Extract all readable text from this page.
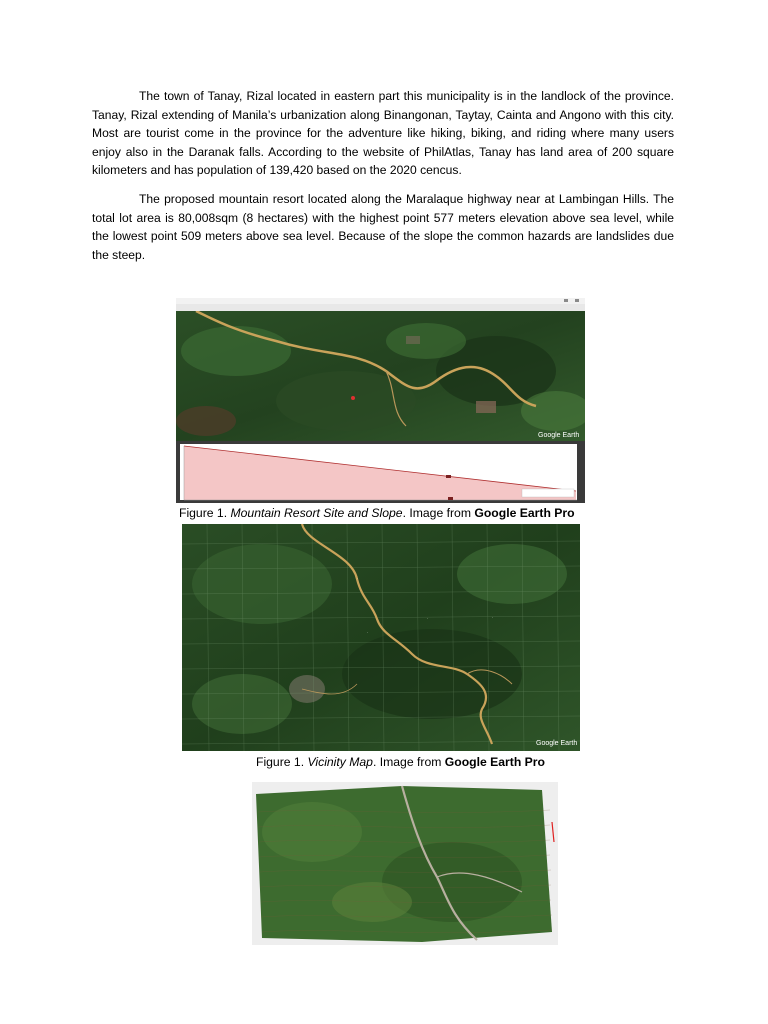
The town of Tanay, Rizal located in eastern part this municipality is in the landlock of the province. Tanay, Rizal extending of Manila’s urbanization along Binangonan, Taytay, Cainta and Angono with this city. Most are tourist come in the province for the adventure like hiking, biking, and riding where many users enjoy also in the Daranak falls. According to the website of PhilAtlas, Tanay has land area of 200 square kilometers and has population of 139,420 based on the 2020 cencus.

The proposed mountain resort located along the Maralaque highway near at Lambingan Hills. The total lot area is 80,008sqm (8 hectares) with the highest point 577 meters elevation above sea level, while the lowest point 509 meters above sea level. Because of the slope the common hazards are landslides due the steep.

Google Earth
Figure 1. Mountain Resort Site and Slope. Image from Google Earth Pro
·
·	·
·
Google Earth
Figure 1. Vicinity Map. Image from Google Earth Pro
